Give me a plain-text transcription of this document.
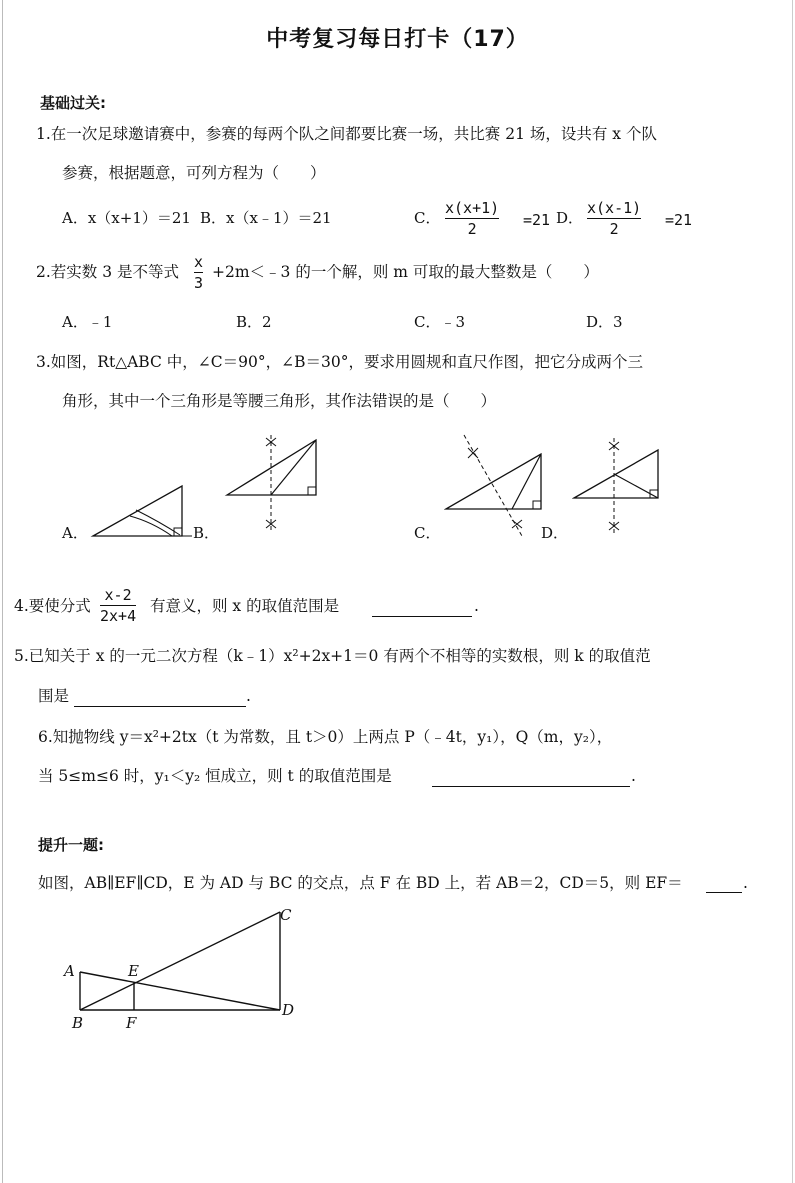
中考复习每日打卡（17）
基础过关:
1.在一次足球邀请赛中，参赛的每两个队之间都要比赛一场，共比赛 21 场，设共有 x 个队
参赛，根据题意，可列方程为（　　）
A．x（x+1）＝21 B．x（x﹣1）＝21	C．
x(x+1)
2	=21 D．
x(x-1)
2	=21
2.若实数 3 是不等式
x
3
+2m＜﹣3 的一个解，则 m 可取的最大整数是（　　）
A．﹣1	B．2	C．﹣3	D．3
3.如图，Rt△ABC 中，∠C＝90°，∠B＝30°，要求用圆规和直尺作图，把它分成两个三
角形，其中一个三角形是等腰三角形，其作法错误的是（　　）
A．	B．	C．	D．
4.要使分式
x-2
2x+4
有意义，则 x 的取值范围是	.
5.已知关于 x 的一元二次方程（k﹣1）x²+2x+1＝0 有两个不相等的实数根，则 k 的取值范
围是	.
6.知抛物线 y＝x²+2tx（t 为常数，且 t＞0）上两点 P（﹣4t，y₁），Q（m，y₂），
当 5≤m≤6 时，y₁＜y₂ 恒成立，则 t 的取值范围是	.
提升一题:
如图，AB∥EF∥CD，E 为 AD 与 BC 的交点，点 F 在 BD 上，若 AB＝2，CD＝5，则 EF＝	.
A
B
C
D
E
F
